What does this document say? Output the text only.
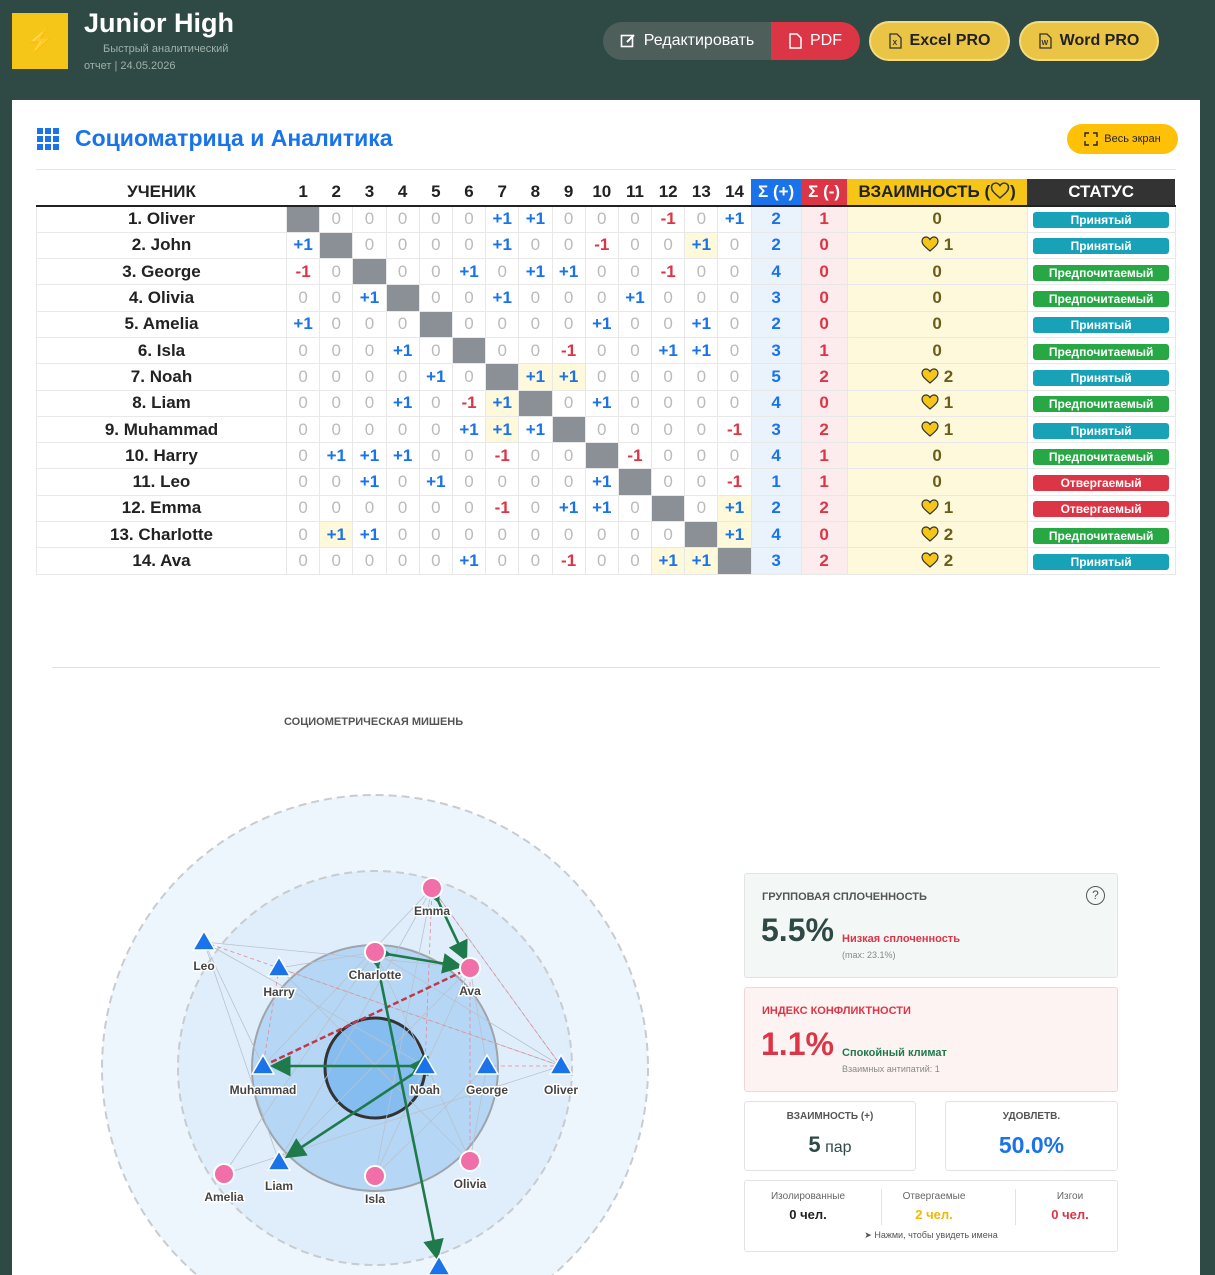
⚡
Junior High
Быстрый аналитический
отчет | 24.05.2026
Редактировать	PDF	X Excel PRO	W Word PRO
Социоматрица и Аналитика	Весь экран
УЧЕНИК	1	2	3	4	5	6	7	8	9	10	11	12	13	14	Σ (+)	Σ (-)	ВЗАИМНОСТЬ ( )	СТАТУС
1. Oliver		0	0	0	0	0	+1	+1	0	0	0	-1	0	+1	2	1	0	Принятый
2. John	+1		0	0	0	0	+1	0	0	-1	0	0	+1	0	2	0	1	Принятый
3. George	-1	0		0	0	+1	0	+1	+1	0	0	-1	0	0	4	0	0	Предпочитаемый
4. Olivia	0	0	+1		0	0	+1	0	0	0	+1	0	0	0	3	0	0	Предпочитаемый
5. Amelia	+1	0	0	0		0	0	0	0	+1	0	0	+1	0	2	0	0	Принятый
6. Isla	0	0	0	+1	0		0	0	-1	0	0	+1	+1	0	3	1	0	Предпочитаемый
7. Noah	0	0	0	0	+1	0		+1	+1	0	0	0	0	0	5	2	2	Принятый
8. Liam	0	0	0	+1	0	-1	+1		0	+1	0	0	0	0	4	0	1	Предпочитаемый
9. Muhammad	0	0	0	0	0	+1	+1	+1		0	0	0	0	-1	3	2	1	Принятый
10. Harry	0	+1	+1	+1	0	0	-1	0	0		-1	0	0	0	4	1	0	Предпочитаемый
11. Leo	0	0	+1	0	+1	0	0	0	0	+1		0	0	-1	1	1	0	Отвергаемый
12. Emma	0	0	0	0	0	0	-1	0	+1	+1	0		0	+1	2	2	1	Отвергаемый
13. Charlotte	0	+1	+1	0	0	0	0	0	0	0	0	0		+1	4	0	2	Предпочитаемый
14. Ava	0	0	0	0	0	+1	0	0	-1	0	0	+1	+1		3	2	2	Принятый
СОЦИОМЕТРИЧЕСКАЯ МИШЕНЬ
Emma
Leo
Charlotte
Ava
Harry
Muhammad	Noah George	Oliver
Amelia
Liam
Isla
Olivia
ГРУППОВАЯ СПЛОЧЕННОСТЬ	?
5.5% Низкая сплоченность
(max: 23.1%)
ИНДЕКС КОНФЛИКТНОСТИ
1.1% Спокойный климат
Взаимных антипатий: 1
ВЗАИМНОСТЬ (+)
5 пар
УДОВЛЕТВ.
50.0%
Изолированные
0 чел.
Отвергаемые
2 чел.
Изгои
0 чел.
➤ Нажми, чтобы увидеть имена
